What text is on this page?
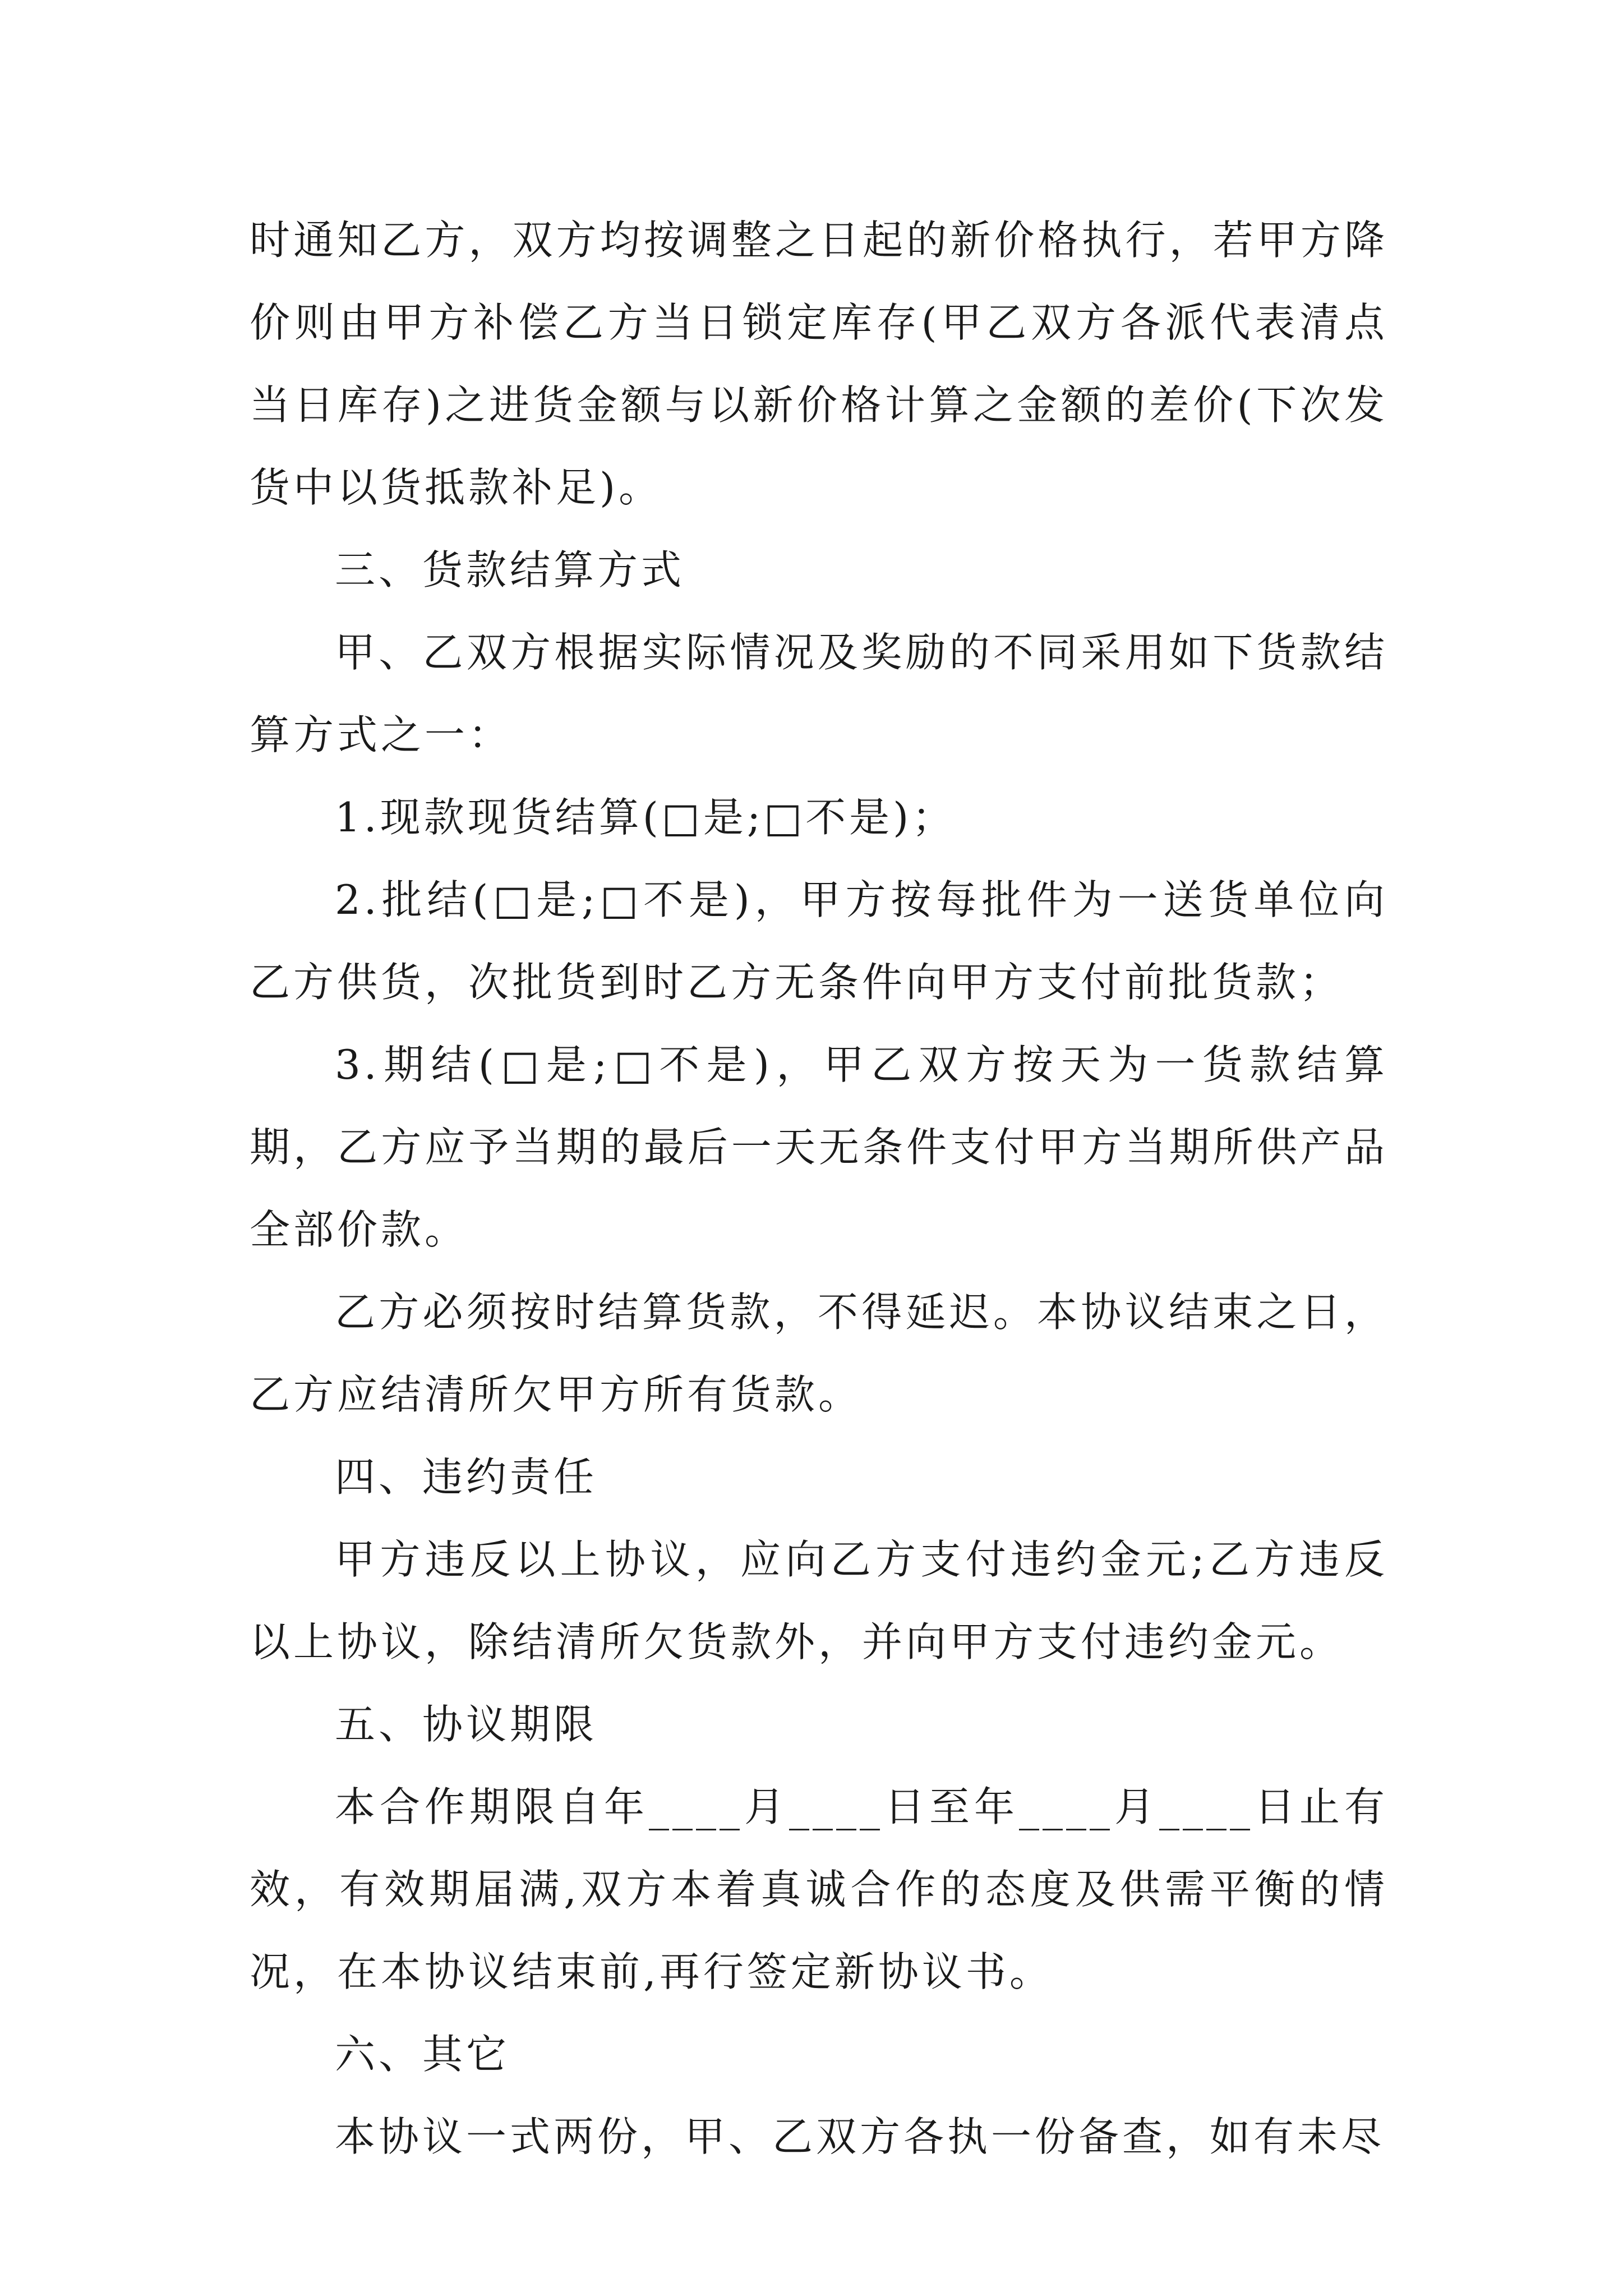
时通知乙方，双方均按调整之日起的新价格执行，若甲方降价则由甲方补偿乙方当日锁定库存(甲乙双方各派代表清点当日库存)之进货金额与以新价格计算之金额的差价(下次发货中以货抵款补足)。

三、货款结算方式

甲、乙双方根据实际情况及奖励的不同采用如下货款结算方式之一：

1.现款现货结算(□是;□不是)；

2.批结(□是;□不是)，甲方按每批件为一送货单位向乙方供货，次批货到时乙方无条件向甲方支付前批货款；

3.期结(□是;□不是)，甲乙双方按天为一货款结算期，乙方应予当期的最后一天无条件支付甲方当期所供产品全部价款。

乙方必须按时结算货款，不得延迟。本协议结束之日，乙方应结清所欠甲方所有货款。

四、违约责任

甲方违反以上协议，应向乙方支付违约金元;乙方违反以上协议，除结清所欠货款外，并向甲方支付违约金元。

五、协议期限

本合作期限自年____月____日至年____月____日止有效，有效期届满,双方本着真诚合作的态度及供需平衡的情况，在本协议结束前,再行签定新协议书。

六、其它

本协议一式两份，甲、乙双方各执一份备查，如有未尽
